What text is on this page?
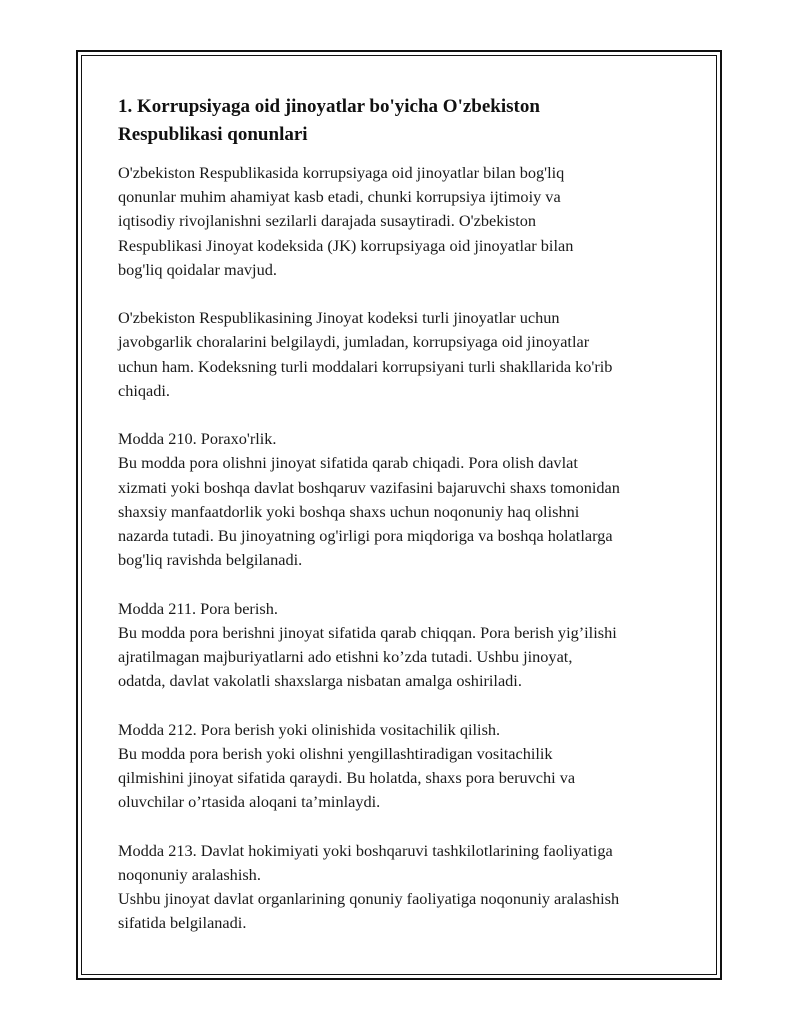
1. Korrupsiyaga oid jinoyatlar bo'yicha O'zbekiston
Respublikasi qonunlari

O'zbekiston Respublikasida korrupsiyaga oid jinoyatlar bilan bog'liq
qonunlar muhim ahamiyat kasb etadi, chunki korrupsiya ijtimoiy va
iqtisodiy rivojlanishni sezilarli darajada susaytiradi. O'zbekiston
Respublikasi Jinoyat kodeksida (JK) korrupsiyaga oid jinoyatlar bilan
bog'liq qoidalar mavjud.

O'zbekiston Respublikasining Jinoyat kodeksi turli jinoyatlar uchun
javobgarlik choralarini belgilaydi, jumladan, korrupsiyaga oid jinoyatlar
uchun ham. Kodeksning turli moddalari korrupsiyani turli shakllarida ko'rib
chiqadi.

Modda 210. Poraxo'rlik.
Bu modda pora olishni jinoyat sifatida qarab chiqadi. Pora olish davlat
xizmati yoki boshqa davlat boshqaruv vazifasini bajaruvchi shaxs tomonidan
shaxsiy manfaatdorlik yoki boshqa shaxs uchun noqonuniy haq olishni
nazarda tutadi. Bu jinoyatning og'irligi pora miqdoriga va boshqa holatlarga
bog'liq ravishda belgilanadi.

Modda 211. Pora berish.
Bu modda pora berishni jinoyat sifatida qarab chiqqan. Pora berish yig’ilishi
ajratilmagan majburiyatlarni ado etishni ko’zda tutadi. Ushbu jinoyat,
odatda, davlat vakolatli shaxslarga nisbatan amalga oshiriladi.

Modda 212. Pora berish yoki olinishida vositachilik qilish.
Bu modda pora berish yoki olishni yengillashtiradigan vositachilik
qilmishini jinoyat sifatida qaraydi. Bu holatda, shaxs pora beruvchi va
oluvchilar o’rtasida aloqani ta’minlaydi.

Modda 213. Davlat hokimiyati yoki boshqaruvi tashkilotlarining faoliyatiga
noqonuniy aralashish.
Ushbu jinoyat davlat organlarining qonuniy faoliyatiga noqonuniy aralashish
sifatida belgilanadi.
